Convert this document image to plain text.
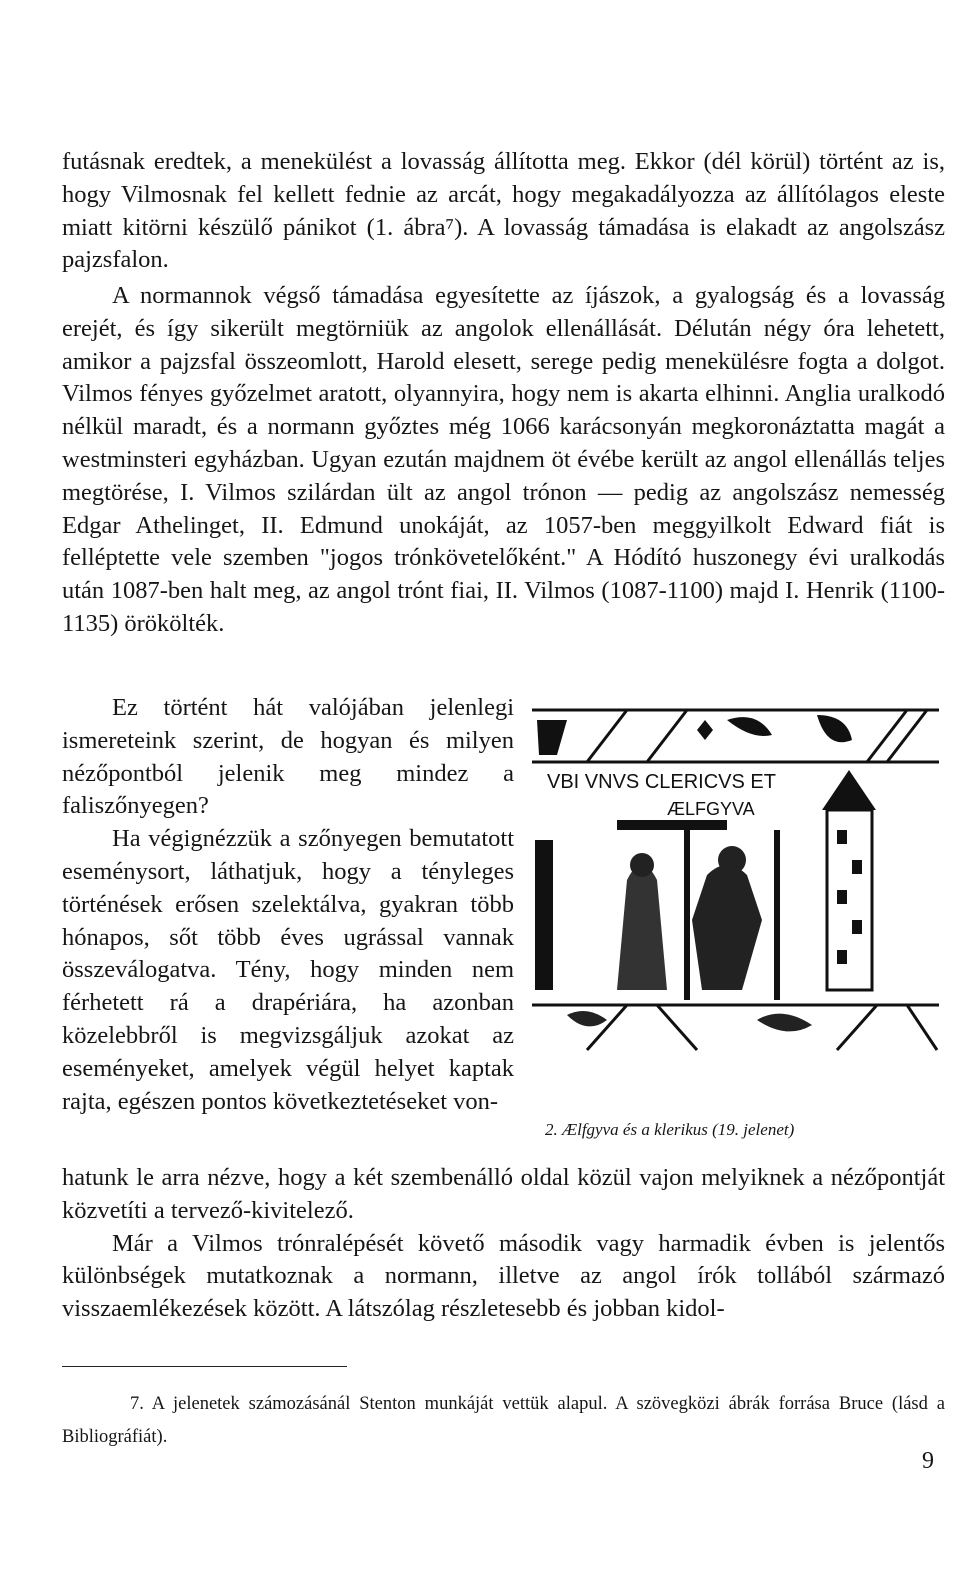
futásnak eredtek, a menekülést a lovasság állította meg. Ekkor (dél körül) történt az is, hogy Vilmosnak fel kellett fednie az arcát, hogy megakadályozza az állítólagos eleste miatt kitörni készülő pánikot (1. ábra⁷). A lovasság támadása is elakadt az angolszász pajzsfalon.

A normannok végső támadása egyesítette az íjászok, a gyalogság és a lovasság erejét, és így sikerült megtörniük az angolok ellenállását. Délután négy óra lehetett, amikor a pajzsfal összeomlott, Harold elesett, serege pedig menekülésre fogta a dolgot. Vilmos fényes győzelmet aratott, olyannyira, hogy nem is akarta elhinni. Anglia uralkodó nélkül maradt, és a normann győztes még 1066 karácsonyán megkoronáztatta magát a westminsteri egyházban. Ugyan ezután majdnem öt évébe került az angol ellenállás teljes megtörése, I. Vilmos szilárdan ült az angol trónon — pedig az angolszász nemesség Edgar Athelinget, II. Edmund unokáját, az 1057-ben meggyilkolt Edward fiát is felléptette vele szemben "jogos trónkövetelőként." A Hódító huszonegy évi uralkodás után 1087-ben halt meg, az angol trónt fiai, II. Vilmos (1087-1100) majd I. Henrik (1100-1135) örökölték.

Ez történt hát valójában jelenlegi ismereteink szerint, de hogyan és milyen nézőpontból jelenik meg mindez a faliszőnyegen?

Ha végignézzük a szőnyegen bemutatott eseménysort, láthatjuk, hogy a tényleges történések erősen szelektálva, gyakran több hónapos, sőt több éves ugrással vannak összeválogatva. Tény, hogy minden nem férhetett rá a drapériára, ha azonban közelebbről is megvizsgáljuk azokat az eseményeket, amelyek végül helyet kaptak rajta, egészen pontos következtetéseket von-

VBI VNVS CLERICVS ET
ÆLFGYVA
2. Ælfgyva és a klerikus (19. jelenet)

hatunk le arra nézve, hogy a két szembenálló oldal közül vajon melyiknek a nézőpontját közvetíti a tervező-kivitelező.

Már a Vilmos trónralépését követő második vagy harmadik évben is jelentős különbségek mutatkoznak a normann, illetve az angol írók tollából származó visszaemlékezések között. A látszólag részletesebb és jobban kidol-

7. A jelenetek számozásánál Stenton munkáját vettük alapul. A szövegközi ábrák forrása Bruce (lásd a Bibliográfiát).

9
